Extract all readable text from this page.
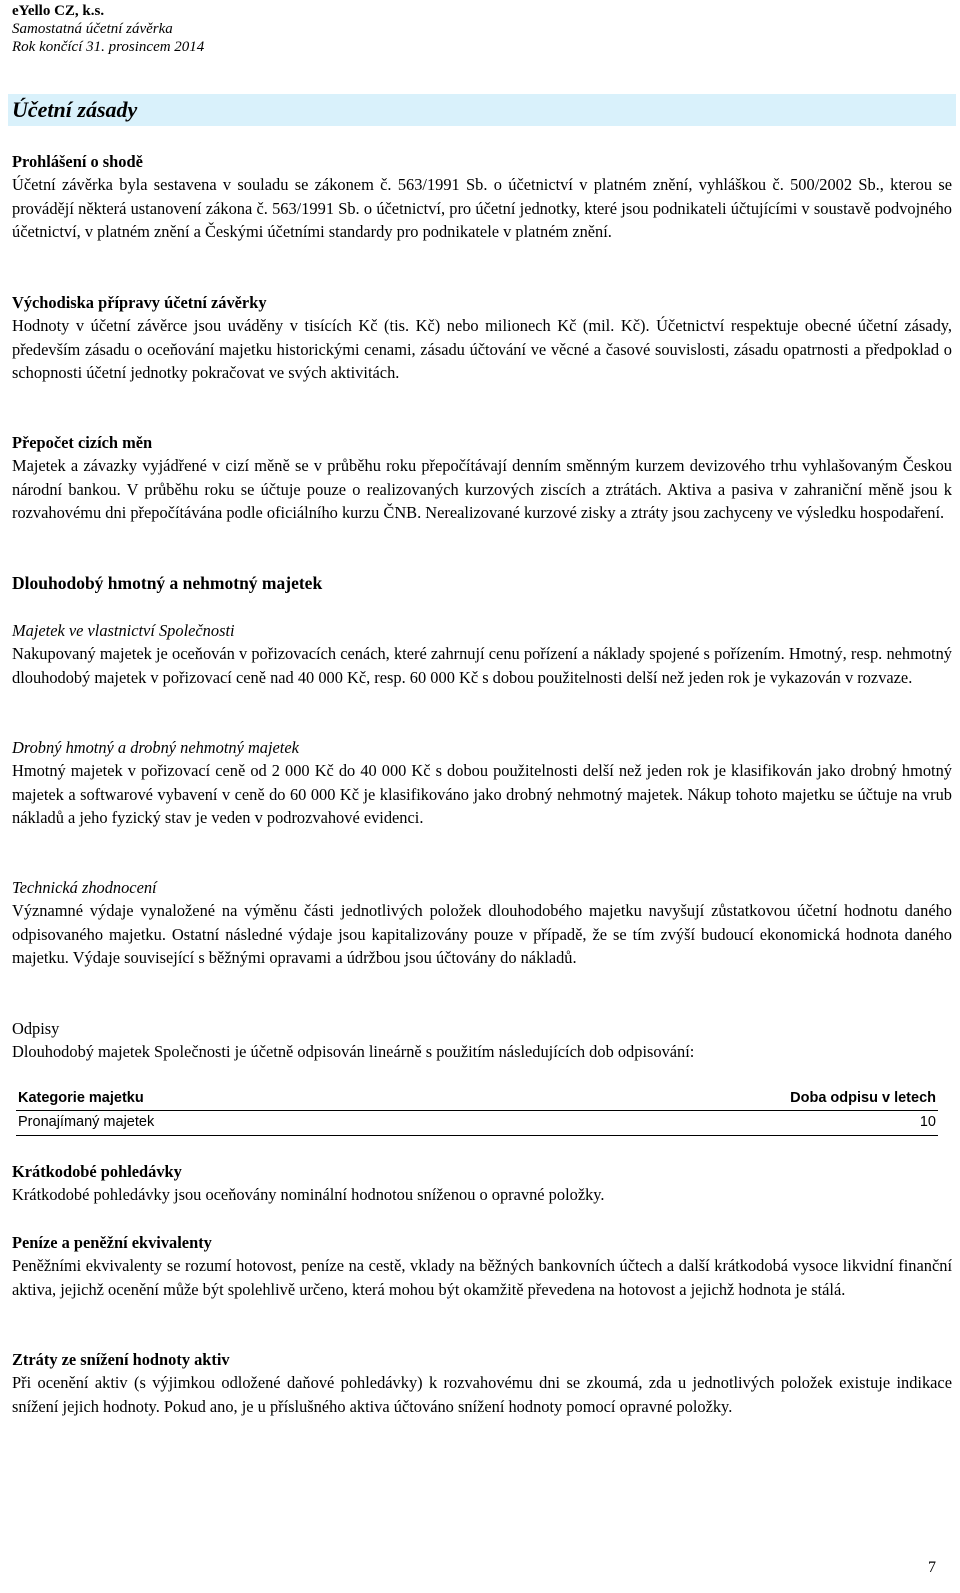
eYello CZ, k.s.
Samostatná účetní závěrka
Rok končící 31. prosincem 2014
Účetní zásady
Prohlášení o shodě

Účetní závěrka byla sestavena v souladu se zákonem č. 563/1991 Sb. o účetnictví v platném znění, vyhláškou č. 500/2002 Sb., kterou se provádějí některá ustanovení zákona č. 563/1991 Sb. o účetnictví, pro účetní jednotky, které jsou podnikateli účtujícími v soustavě podvojného účetnictví, v platném znění a Českými účetními standardy pro podnikatele v platném znění.

Východiska přípravy účetní závěrky

Hodnoty v účetní závěrce jsou uváděny v tisících Kč (tis. Kč) nebo milionech Kč (mil. Kč). Účetnictví respektuje obecné účetní zásady, především zásadu o oceňování majetku historickými cenami, zásadu účtování ve věcné a časové souvislosti, zásadu opatrnosti a předpoklad o schopnosti účetní jednotky pokračovat ve svých aktivitách.

Přepočet cizích měn

Majetek a závazky vyjádřené v cizí měně se v průběhu roku přepočítávají denním směnným kurzem devizového trhu vyhlašovaným Českou národní bankou. V průběhu roku se účtuje pouze o realizovaných kurzových ziscích a ztrátách. Aktiva a pasiva v zahraniční měně jsou k rozvahovému dni přepočítávána podle oficiálního kurzu ČNB. Nerealizované kurzové zisky a ztráty jsou zachyceny ve výsledku hospodaření.

Dlouhodobý hmotný a nehmotný majetek
Majetek ve vlastnictví Společnosti

Nakupovaný majetek je oceňován v pořizovacích cenách, které zahrnují cenu pořízení a náklady spojené s pořízením. Hmotný, resp. nehmotný dlouhodobý majetek v pořizovací ceně nad 40 000 Kč, resp. 60 000 Kč s dobou použitelnosti delší než jeden rok je vykazován v rozvaze.

Drobný hmotný a drobný nehmotný majetek

Hmotný majetek v pořizovací ceně od 2 000 Kč do 40 000 Kč s dobou použitelnosti delší než jeden rok je klasifikován jako drobný hmotný majetek a softwarové vybavení v ceně do 60 000 Kč je klasifikováno jako drobný nehmotný majetek. Nákup tohoto majetku se účtuje na vrub nákladů a jeho fyzický stav je veden v podrozvahové evidenci.

Technická zhodnocení

Významné výdaje vynaložené na výměnu části jednotlivých položek dlouhodobého majetku navyšují zůstatkovou účetní hodnotu daného odpisovaného majetku. Ostatní následné výdaje jsou kapitalizovány pouze v případě, že se tím zvýší budoucí ekonomická hodnota daného majetku. Výdaje související s běžnými opravami a údržbou jsou účtovány do nákladů.

Odpisy

Dlouhodobý majetek Společnosti je účetně odpisován lineárně s použitím následujících dob odpisování:

Kategorie majetku	Doba odpisu v letech
Pronajímaný majetek	10
Krátkodobé pohledávky

Krátkodobé pohledávky jsou oceňovány nominální hodnotou sníženou o opravné položky.

Peníze a peněžní ekvivalenty

Peněžními ekvivalenty se rozumí hotovost, peníze na cestě, vklady na běžných bankovních účtech a další krátkodobá vysoce likvidní finanční aktiva, jejichž ocenění může být spolehlivě určeno, která mohou být okamžitě převedena na hotovost a jejichž hodnota je stálá.

Ztráty ze snížení hodnoty aktiv

Při ocenění aktiv (s výjimkou odložené daňové pohledávky) k rozvahovému dni se zkoumá, zda u jednotlivých položek existuje indikace snížení jejich hodnoty. Pokud ano, je u příslušného aktiva účtováno snížení hodnoty pomocí opravné položky.

7
